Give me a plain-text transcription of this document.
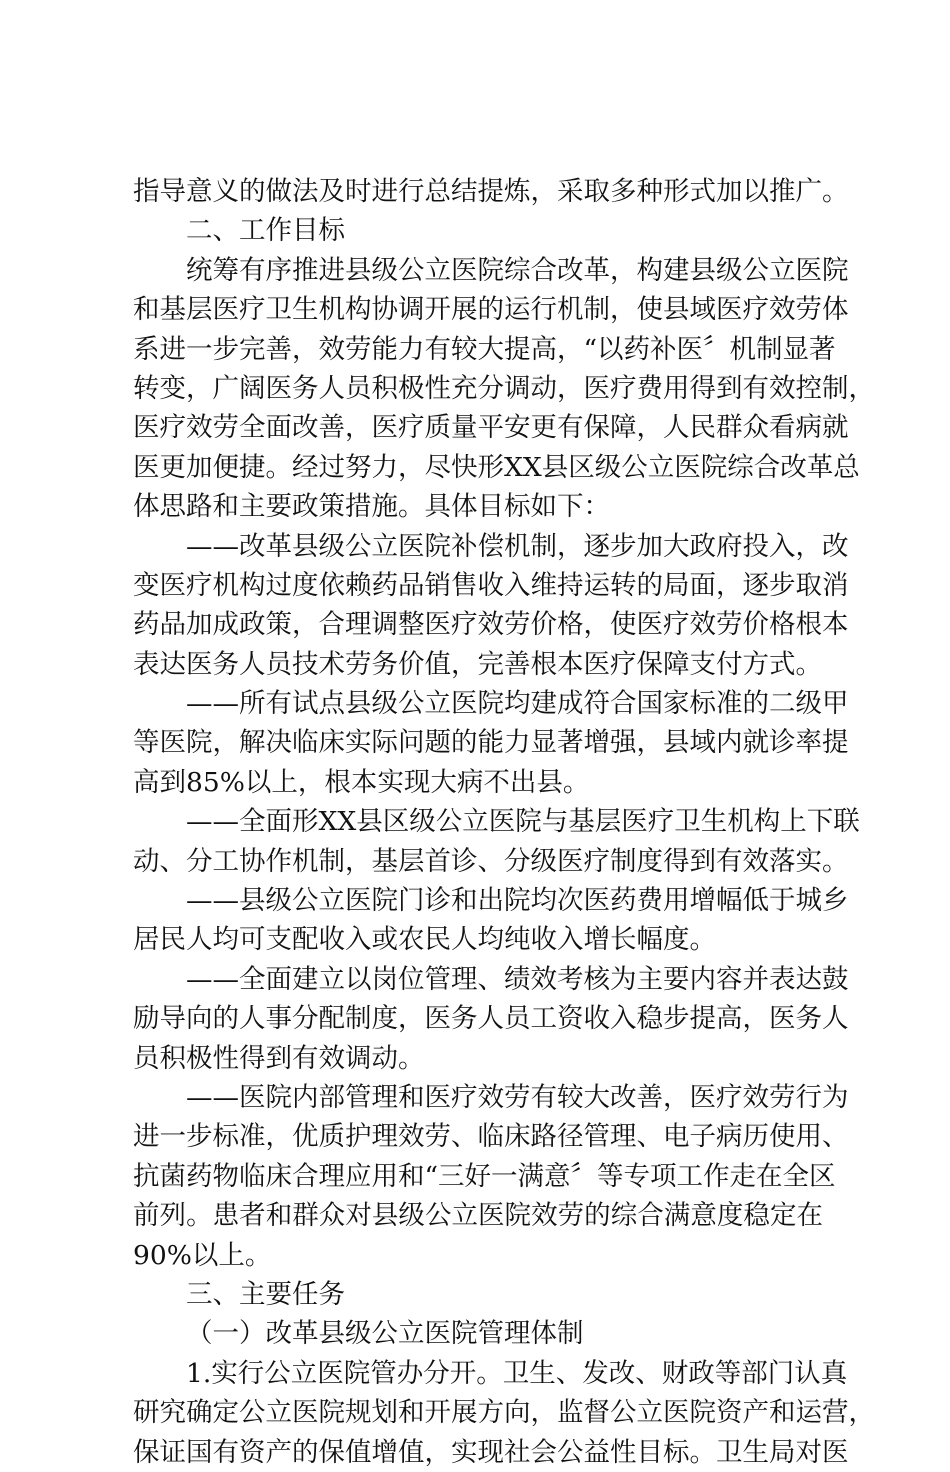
指导意义的做法及时进行总结提炼，采取多种形式加以推广。
二、工作目标
统筹有序推进县级公立医院综合改革，构建县级公立医院
和基层医疗卫生机构协调开展的运行机制，使县域医疗效劳体
系进一步完善，效劳能力有较大提高，“以药补医〞机制显著
转变，广阔医务人员积极性充分调动，医疗费用得到有效控制，
医疗效劳全面改善，医疗质量平安更有保障，人民群众看病就
医更加便捷。经过努力，尽快形XX县区级公立医院综合改革总
体思路和主要政策措施。具体目标如下：
——改革县级公立医院补偿机制，逐步加大政府投入，改
变医疗机构过度依赖药品销售收入维持运转的局面，逐步取消
药品加成政策，合理调整医疗效劳价格，使医疗效劳价格根本
表达医务人员技术劳务价值，完善根本医疗保障支付方式。
——所有试点县级公立医院均建成符合国家标准的二级甲
等医院，解决临床实际问题的能力显著增强，县域内就诊率提
高到85%以上，根本实现大病不出县。
——全面形XX县区级公立医院与基层医疗卫生机构上下联
动、分工协作机制，基层首诊、分级医疗制度得到有效落实。
——县级公立医院门诊和出院均次医药费用增幅低于城乡
居民人均可支配收入或农民人均纯收入增长幅度。
——全面建立以岗位管理、绩效考核为主要内容并表达鼓
励导向的人事分配制度，医务人员工资收入稳步提高，医务人
员积极性得到有效调动。
——医院内部管理和医疗效劳有较大改善，医疗效劳行为
进一步标准，优质护理效劳、临床路径管理、电子病历使用、
抗菌药物临床合理应用和“三好一满意〞等专项工作走在全区
前列。患者和群众对县级公立医院效劳的综合满意度稳定在
90%以上。
三、主要任务
（一）改革县级公立医院管理体制
1.实行公立医院管办分开。卫生、发改、财政等部门认真
研究确定公立医院规划和开展方向，监督公立医院资产和运营，
保证国有资产的保值增值，实现社会公益性目标。卫生局对医
